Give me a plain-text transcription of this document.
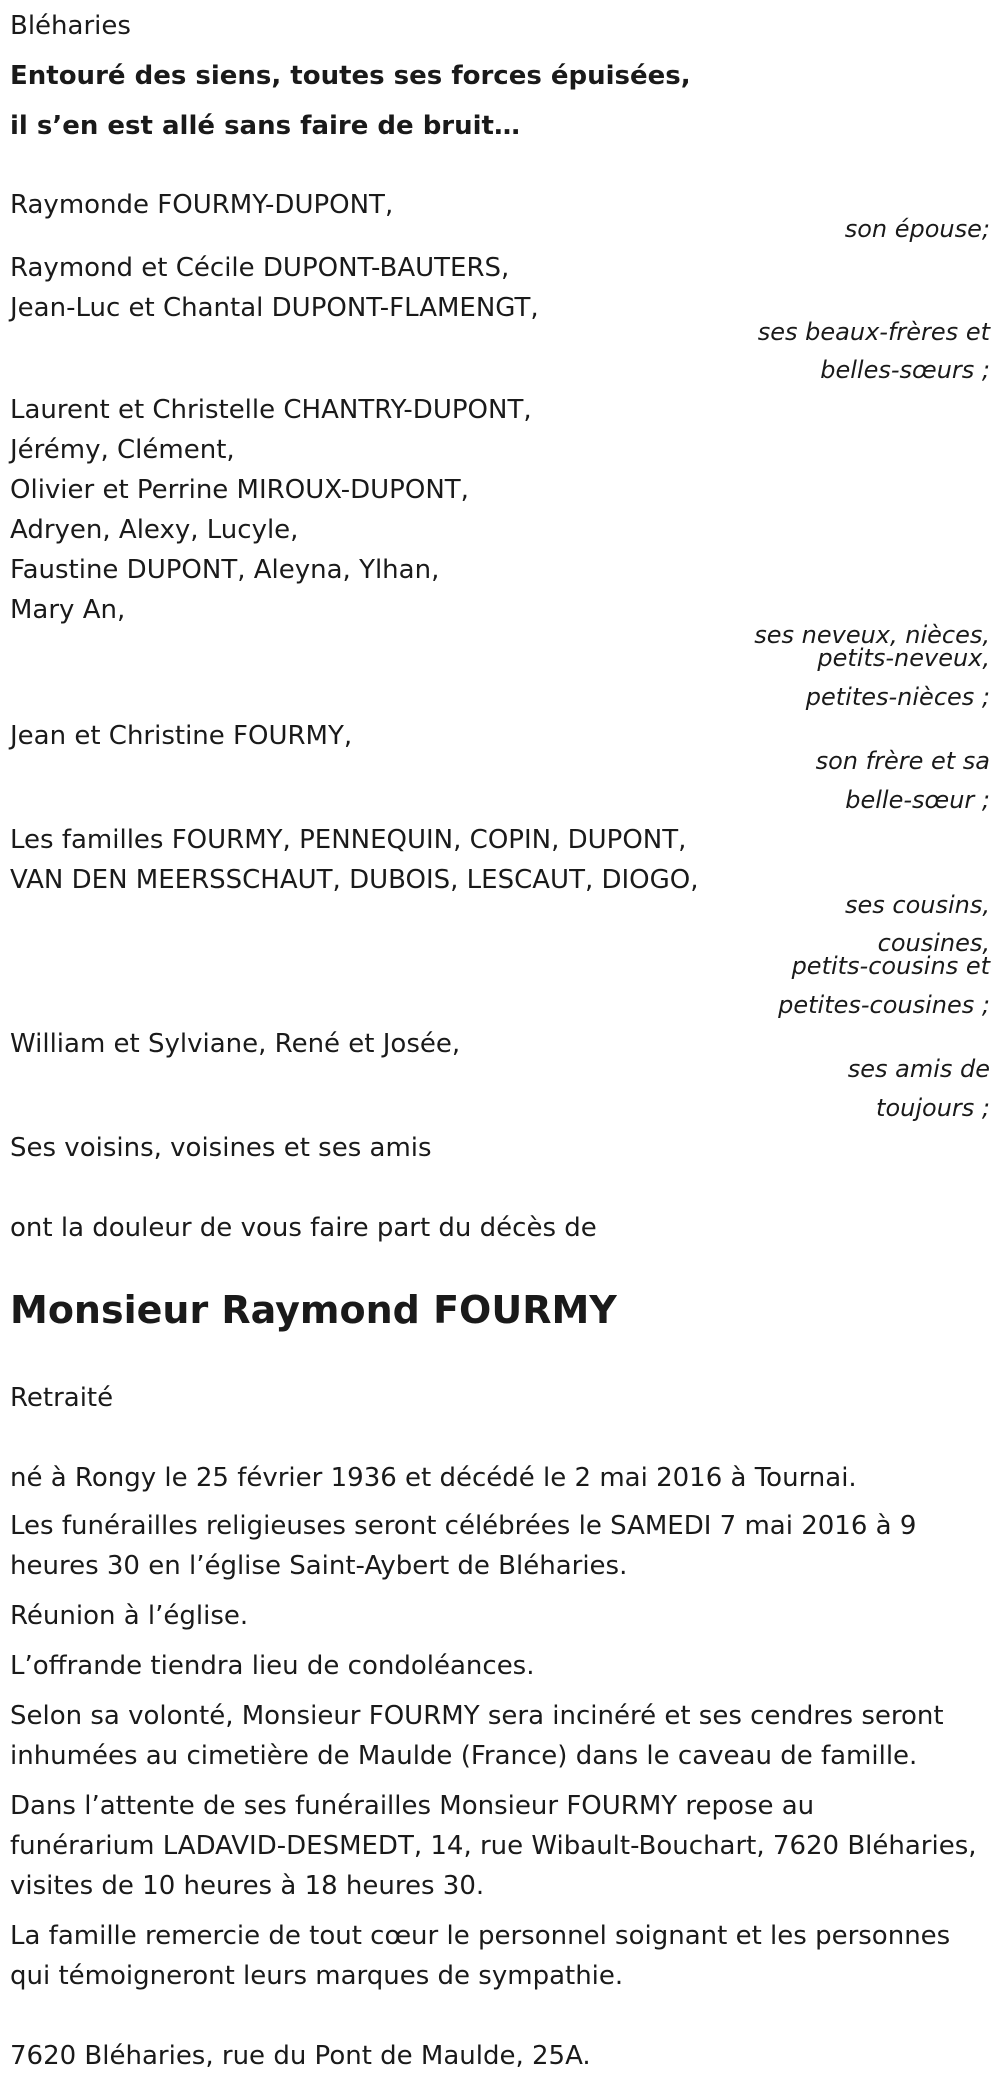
Bléharies
Entouré des siens, toutes ses forces épuisées,
il s’en est allé sans faire de bruit…
Raymonde FOURMY-DUPONT,
son épouse;
Raymond et Cécile DUPONT-BAUTERS,
Jean-Luc et Chantal DUPONT-FLAMENGT,
ses beaux-frères et
belles-sœurs ;
Laurent et Christelle CHANTRY-DUPONT,
Jérémy, Clément,
Olivier et Perrine MIROUX-DUPONT,
Adryen, Alexy, Lucyle,
Faustine DUPONT, Aleyna, Ylhan,
Mary An,
ses neveux, nièces,
petits-neveux,
petites-nièces ;
Jean et Christine FOURMY,
son frère et sa
belle-sœur ;
Les familles FOURMY, PENNEQUIN, COPIN, DUPONT,
VAN DEN MEERSSCHAUT, DUBOIS, LESCAUT, DIOGO,
ses cousins,
cousines,
petits-cousins et
petites-cousines ;
William et Sylviane, René et Josée,
ses amis de
toujours ;
Ses voisins, voisines et ses amis
ont la douleur de vous faire part du décès de
Monsieur Raymond FOURMY
Retraité
né à Rongy le 25 février 1936 et décédé le 2 mai 2016 à Tournai.
Les funérailles religieuses seront célébrées le SAMEDI 7 mai 2016 à 9
heures 30 en l’église Saint-Aybert de Bléharies.
Réunion à l’église.
L’offrande tiendra lieu de condoléances.
Selon sa volonté, Monsieur FOURMY sera incinéré et ses cendres seront
inhumées au cimetière de Maulde (France) dans le caveau de famille.
Dans l’attente de ses funérailles Monsieur FOURMY repose au
funérarium LADAVID-DESMEDT, 14, rue Wibault-Bouchart, 7620 Bléharies,
visites de 10 heures à 18 heures 30.
La famille remercie de tout cœur le personnel soignant et les personnes
qui témoigneront leurs marques de sympathie.
7620 Bléharies, rue du Pont de Maulde, 25A.
